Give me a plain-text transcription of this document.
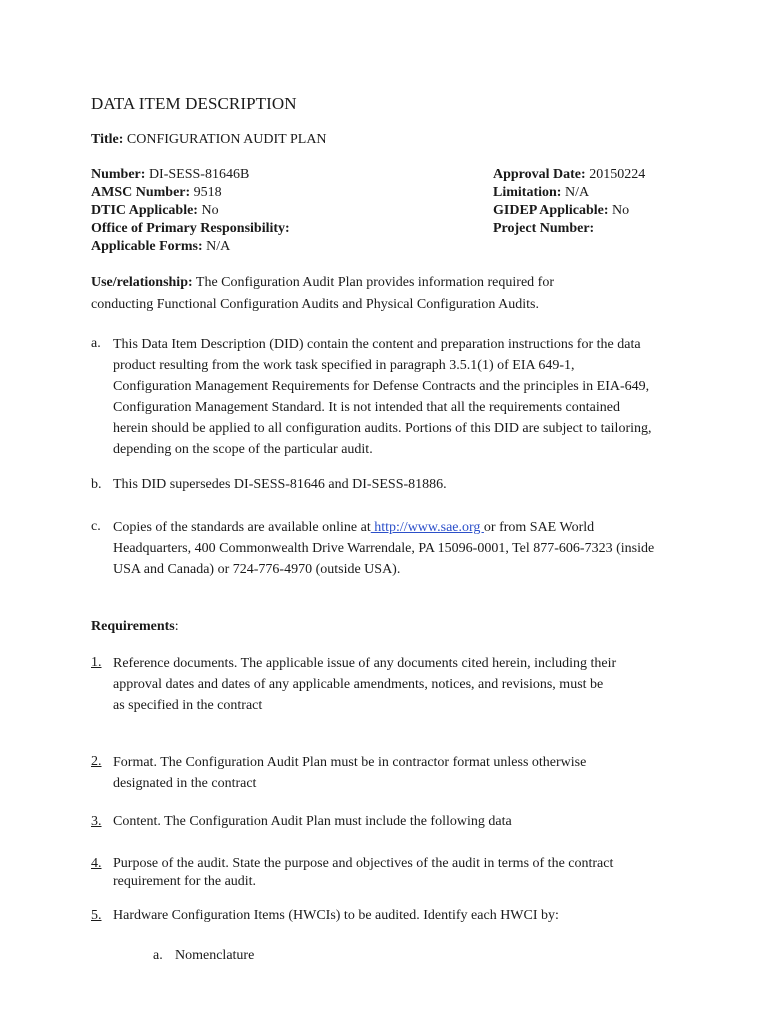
DATA ITEM DESCRIPTION
Title: CONFIGURATION AUDIT PLAN
Number: DI-SESS-81646B
AMSC Number: 9518
DTIC Applicable: No
Office of Primary Responsibility:
Applicable Forms: N/A
Approval Date: 20150224
Limitation: N/A
GIDEP Applicable: No
Project Number:
Use/relationship: The Configuration Audit Plan provides information required for
conducting Functional Configuration Audits and Physical Configuration Audits.
a. This Data Item Description (DID) contain the content and preparation instructions for the data
product resulting from the work task specified in paragraph 3.5.1(1) of EIA 649-1,
Configuration Management Requirements for Defense Contracts and the principles in EIA-649,
Configuration Management Standard. It is not intended that all the requirements contained
herein should be applied to all configuration audits. Portions of this DID are subject to tailoring,
depending on the scope of the particular audit.
b. This DID supersedes DI-SESS-81646 and DI-SESS-81886.
c. Copies of the standards are available online at http://www.sae.org or from SAE World
Headquarters, 400 Commonwealth Drive Warrendale, PA 15096-0001, Tel 877-606-7323 (inside
USA and Canada) or 724-776-4970 (outside USA).
Requirements:
1. Reference documents. The applicable issue of any documents cited herein, including their
approval dates and dates of any applicable amendments, notices, and revisions, must be
as specified in the contract
2. Format. The Configuration Audit Plan must be in contractor format unless otherwise
designated in the contract
3. Content. The Configuration Audit Plan must include the following data
4. Purpose of the audit. State the purpose and objectives of the audit in terms of the contract
requirement for the audit.
5. Hardware Configuration Items (HWCIs) to be audited. Identify each HWCI by:
a. Nomenclature
